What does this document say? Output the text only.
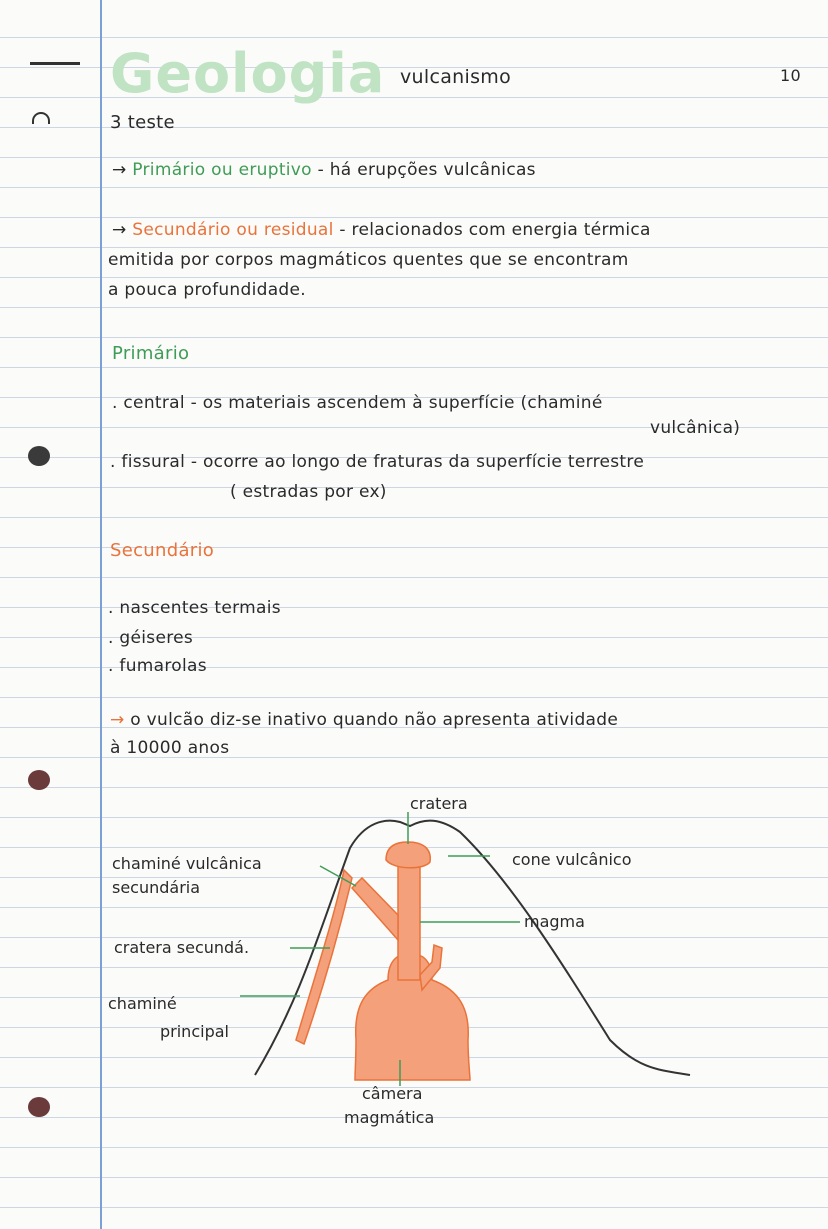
Geologia vulcanismo	10
3 teste
→ Primário ou eruptivo - há erupções vulcânicas
→ Secundário ou residual - relacionados com energia térmica
emitida por corpos magmáticos quentes que se encontram
a pouca profundidade.
Primário
. central - os materiais ascendem à superfície (chaminé
vulcânica)
. fissural - ocorre ao longo de fraturas da superfície terrestre
( estradas por ex)
Secundário
. nascentes termais
. géiseres
. fumarolas
→ o vulcão diz-se inativo quando não apresenta atividade
à 10000 anos
cratera
cone vulcânico
chaminé vulcânica
secundária
magma
cratera secundá.
chaminé
principal
câmera
magmática
